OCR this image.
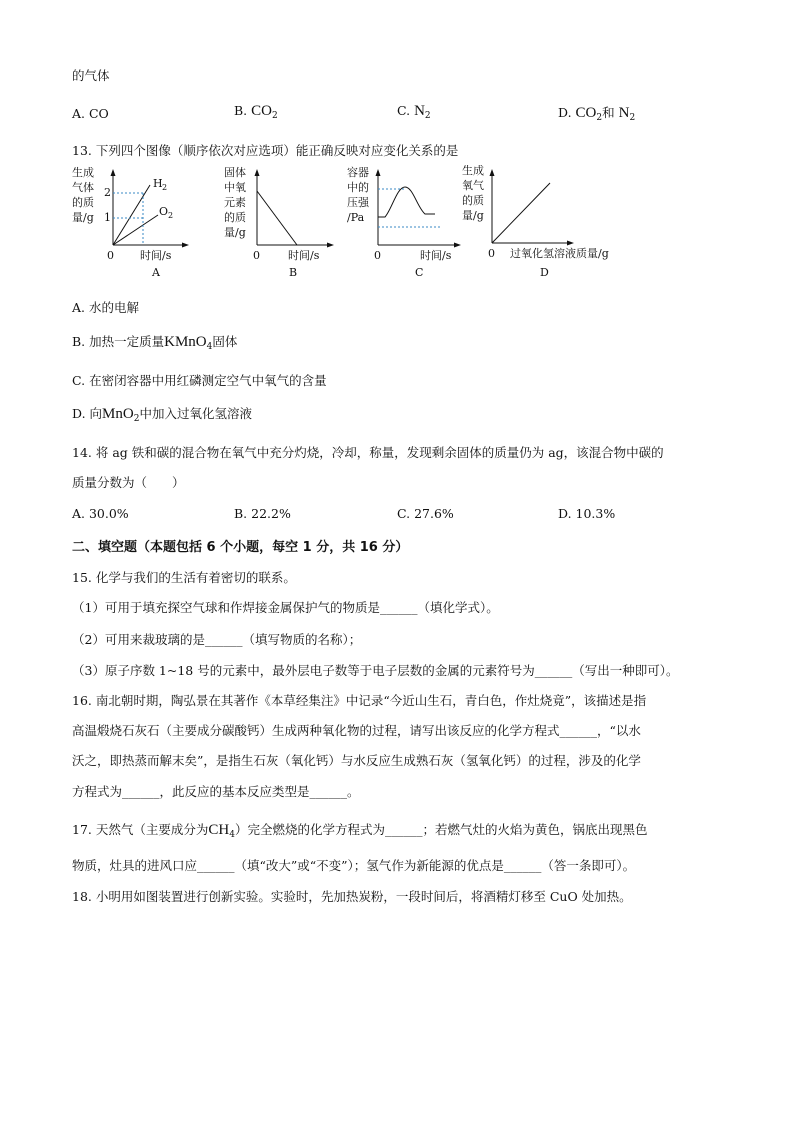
的气体
A. CO	B. $CO_2$	C. $N_2$	D. $CO_2$和 $N_2$
13. 下列四个图像（顺序依次对应选项）能正确反映对应变化关系的是
生成
气体
的质
量/g
2
1
H 2
O 2
0 时间/s
A
固体
中氧
元素
的质
量/g
0	时间/s
B
容器
中的
压强
/Pa
0	时间/s
C
生成
氧气
的质
量/g
0 过氧化氢溶液质量/g
D
A. 水的电解
B. 加热一定质量KMnO$_4$固体
C. 在密闭容器中用红磷测定空气中氧气的含量
D. 向MnO$_2$中加入过氧化氢溶液
14. 将 ag 铁和碳的混合物在氧气中充分灼烧，冷却，称量，发现剩余固体的质量仍为 ag，该混合物中碳的
质量分数为（　　）
A. 30.0%	B. 22.2%	C. 27.6%	D. 10.3%
二、填空题（本题包括 6 个小题，每空 1 分，共 16 分）
15. 化学与我们的生活有着密切的联系。
（1）可用于填充探空气球和作焊接金属保护气的物质是______（填化学式）。
（2）可用来裁玻璃的是______（填写物质的名称）；
（3）原子序数 1~18 号的元素中，最外层电子数等于电子层数的金属的元素符号为______（写出一种即可）。
16. 南北朝时期，陶弘景在其著作《本草经集注》中记录“今近山生石，青白色，作灶烧竟”，该描述是指
高温煅烧石灰石（主要成分碳酸钙）生成两种氧化物的过程，请写出该反应的化学方程式______，“以水
沃之，即热蒸而解末矣”，是指生石灰（氧化钙）与水反应生成熟石灰（氢氧化钙）的过程，涉及的化学
方程式为______，此反应的基本反应类型是______。
17. 天然气（主要成分为$CH_4$）完全燃烧的化学方程式为______；若燃气灶的火焰为黄色，锅底出现黑色
物质，灶具的进风口应______（填“改大”或“不变”）；氢气作为新能源的优点是______（答一条即可）。
18. 小明用如图装置进行创新实验。实验时，先加热炭粉，一段时间后，将酒精灯移至 CuO 处加热。
